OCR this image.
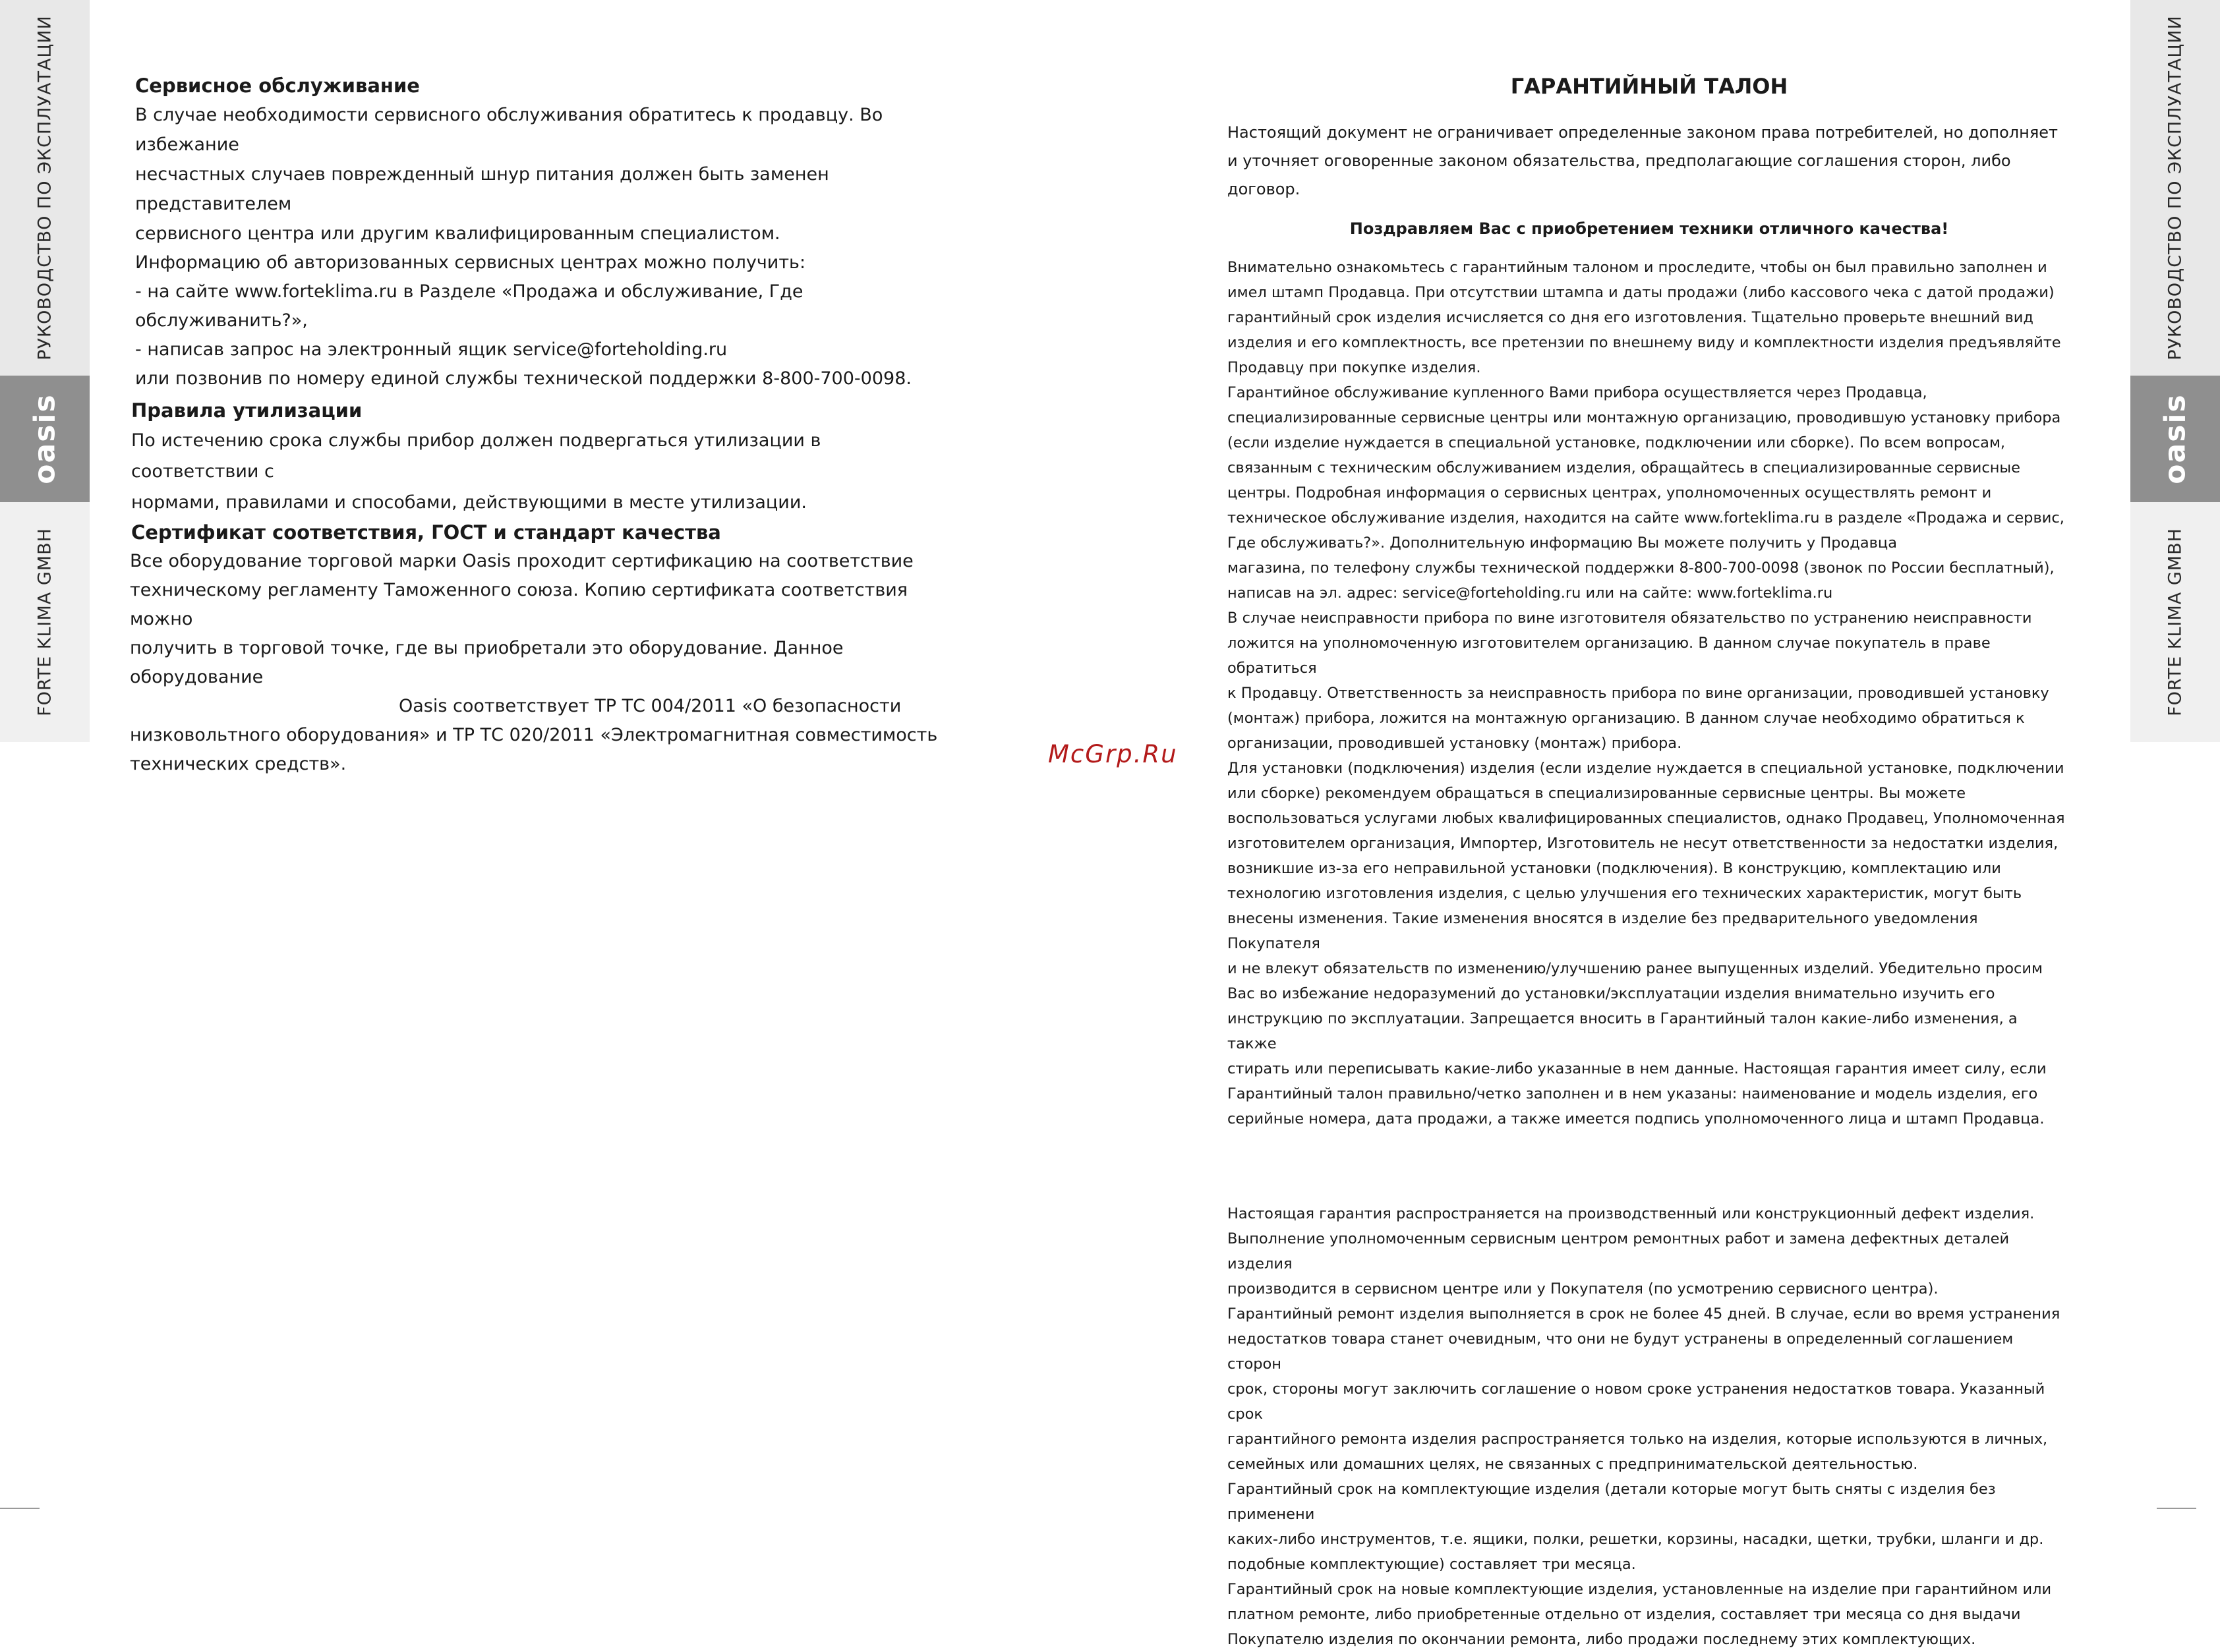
РУКОВОДСТВО ПО ЭКСПЛУАТАЦИИ
oasis
FORTE KLIMA GMBH
РУКОВОДСТВО ПО ЭКСПЛУАТАЦИИ
oasis
FORTE KLIMA GMBH

Сервисное обслуживание

В случае необходимости сервисного обслуживания обратитесь к продавцу. Во избежание

несчастных случаев поврежденный шнур питания должен быть заменен представителем

сервисного центра или другим квалифицированным специалистом.

Информацию об авторизованных сервисных центрах можно получить:

- на сайте www.forteklima.ru в Разделе «Продажа и обслуживание, Где обслуживанить?»,

- написав запрос на электронный ящик service@forteholding.ru

или позвонив по номеру единой службы технической поддержки 8-800-700-0098.

Правила утилизации

По истечению срока службы прибор должен подвергаться утилизации в соответствии с

нормами, правилами и способами, действующими в месте утилизации.

Сертификат соответствия, ГОСТ и стандарт качества

Все оборудование торговой марки Oasis проходит сертификацию на соответствие

техническому регламенту Таможенного союза. Копию сертификата соответствия можно

получить в торговой точке, где вы приобретали это оборудование. Данное оборудование

Oasis соответствует ТР ТС 004/2011 «О безопасности

низковольтного оборудования» и ТР ТС 020/2011 «Электромагнитная совместимость

технических средств».	McGrp.Ru

ГАРАНТИЙНЫЙ ТАЛОН

Настоящий документ не ограничивает определенные законом права потребителей, но дополняет

и уточняет оговоренные законом обязательства, предполагающие соглашения сторон, либо

договор.

Поздравляем Вас с приобретением техники отличного качества!

Внимательно ознакомьтесь с гарантийным талоном и проследите, чтобы он был правильно заполнен и
имел штамп Продавца. При отсутствии штампа и даты продажи (либо кассового чека с датой продажи)
гарантийный срок изделия исчисляется со дня его изготовления. Тщательно проверьте внешний вид
изделия и его комплектность, все претензии по внешнему виду и комплектности изделия предъявляйте
Продавцу при покупке изделия.
Гарантийное обслуживание купленного Вами прибора осуществляется через Продавца,
специализированные сервисные центры или монтажную организацию, проводившую установку прибора
(если изделие нуждается в специальной установке, подключении или сборке). По всем вопросам,
связанным с техническим обслуживанием изделия, обращайтесь в специализированные сервисные
центры. Подробная информация о сервисных центрах, уполномоченных осуществлять ремонт и
техническое обслуживание изделия, находится на сайте www.forteklima.ru в разделе «Продажа и сервис,
Где обслуживать?». Дополнительную информацию Вы можете получить у Продавца
магазина, по телефону службы технической поддержки 8-800-700-0098 (звонок по России бесплатный),
написав на эл. адрес: service@forteholding.ru или на сайте: www.forteklima.ru
В случае неисправности прибора по вине изготовителя обязательство по устранению неисправности
ложится на уполномоченную изготовителем организацию. В данном случае покупатель в праве обратиться
к Продавцу. Ответственность за неисправность прибора по вине организации, проводившей установку
(монтаж) прибора, ложится на монтажную организацию. В данном случае необходимо обратиться к
организации, проводившей установку (монтаж) прибора.
Для установки (подключения) изделия (если изделие нуждается в специальной установке, подключении
или сборке) рекомендуем обращаться в специализированные сервисные центры. Вы можете
воспользоваться услугами любых квалифицированных специалистов, однако Продавец, Уполномоченная
изготовителем организация, Импортер, Изготовитель не несут ответственности за недостатки изделия,
возникшие из-за его неправильной установки (подключения). В конструкцию, комплектацию или
технологию изготовления изделия, с целью улучшения его технических характеристик, могут быть
внесены изменения. Такие изменения вносятся в изделие без предварительного уведомления Покупателя
и не влекут обязательств по изменению/улучшению ранее выпущенных изделий. Убедительно просим
Вас во избежание недоразумений до установки/эксплуатации изделия внимательно изучить его
инструкцию по эксплуатации. Запрещается вносить в Гарантийный талон какие-либо изменения, а также
стирать или переписывать какие-либо указанные в нем данные. Настоящая гарантия имеет силу, если
Гарантийный талон правильно/четко заполнен и в нем указаны: наименование и модель изделия, его
серийные номера, дата продажи, а также имеется подпись уполномоченного лица и штамп Продавца.

Настоящая гарантия распространяется на производственный или конструкционный дефект изделия.
Выполнение уполномоченным сервисным центром ремонтных работ и замена дефектных деталей изделия
производится в сервисном центре или у Покупателя (по усмотрению сервисного центра).
Гарантийный ремонт изделия выполняется в срок не более 45 дней. В случае, если во время устранения
недостатков товара станет очевидным, что они не будут устранены в определенный соглашением сторон
срок, стороны могут заключить соглашение о новом сроке устранения недостатков товара. Указанный срок
гарантийного ремонта изделия распространяется только на изделия, которые используются в личных,
семейных или домашних целях, не связанных с предпринимательской деятельностью.
Гарантийный срок на комплектующие изделия (детали которые могут быть сняты с изделия без применени
каких-либо инструментов, т.е. ящики, полки, решетки, корзины, насадки, щетки, трубки, шланги и др.
подобные комплектующие) составляет три месяца.
Гарантийный срок на новые комплектующие изделия, установленные на изделие при гарантийном или
платном ремонте, либо приобретенные отдельно от изделия, составляет три месяца со дня выдачи
Покупателю изделия по окончании ремонта, либо продажи последнему этих комплектующих.
